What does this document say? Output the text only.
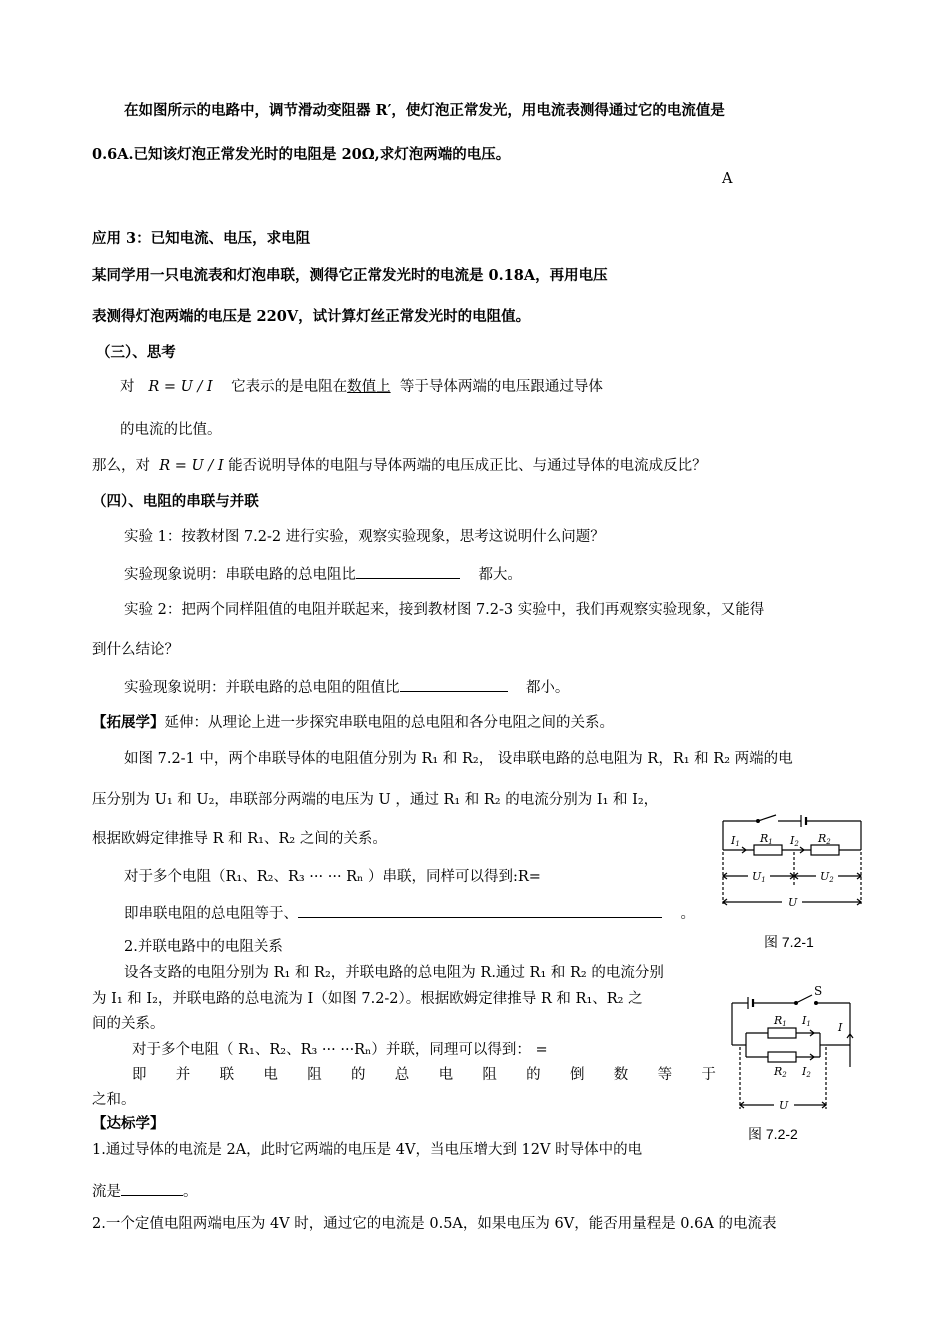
在如图所示的电路中，调节滑动变阻器 R′，使灯泡正常发光，用电流表测得通过它的电流值是
0.6A.已知该灯泡正常发光时的电阻是 20Ω,求灯泡两端的电压。
A
应用 3：已知电流、电压，求电阻
某同学用一只电流表和灯泡串联，测得它正常发光时的电流是 0.18A，再用电压
表测得灯泡两端的电压是 220V，试计算灯丝正常发光时的电阻值。
（三）、思考
对 R = U / I 它表示的是电阻在数值上 等于导体两端的电压跟通过导体
的电流的比值。
那么，对 R = U / I 能否说明导体的电阻与导体两端的电压成正比、与通过导体的电流成反比？
（四）、电阻的串联与并联
实验 1：按教材图 7.2-2 进行实验，观察实验现象，思考这说明什么问题？
实验现象说明：串联电路的总电阻比	都大。
实验 2：把两个同样阻值的电阻并联起来，接到教材图 7.2-3 实验中，我们再观察实验现象，又能得
到什么结论？
实验现象说明：并联电路的总电阻的阻值比	都小。
【拓展学】延伸：从理论上进一步探究串联电阻的总电阻和各分电阻之间的关系。
如图 7.2-1 中，两个串联导体的电阻值分别为 R₁ 和 R₂， 设串联电路的总电阻为 R，R₁ 和 R₂ 两端的电
压分别为 U₁ 和 U₂，串联部分两端的电压为 U ，通过 R₁ 和 R₂ 的电流分别为 I₁ 和 I₂，
根据欧姆定律推导 R 和 R₁、R₂ 之间的关系。
对于多个电阻（R₁、R₂、R₃ ··· ··· Rₙ ）串联，同样可以得到:R=
即串联电阻的总电阻等于、	。
2.并联电路中的电阻关系
设各支路的电阻分别为 R₁ 和 R₂，并联电路的总电阻为 R.通过 R₁ 和 R₂ 的电流分别
为 I₁ 和 I₂，并联电路的总电流为 I（如图 7.2-2）。根据欧姆定律推导 R 和 R₁、R₂ 之
间的关系。
对于多个电阻（ R₁、R₂、R₃ ··· ···Rₙ）并联，同理可以得到： =
即 并 联 电 阻 的 总 电 阻 的 倒 数 等 于
之和。
【达标学】
1.通过导体的电流是 2A，此时它两端的电压是 4V，当电压增大到 12V 时导体中的电
流是	。
2.一个定值电阻两端电压为 4V 时，通过它的电流是 0.5A，如果电压为 6V，能否用量程是 0.6A 的电流表
I1 R1 I2 R2
U1	U2
U
图 7.2-1
S
R1 I1 I
R2 I2
U
图 7.2-2
